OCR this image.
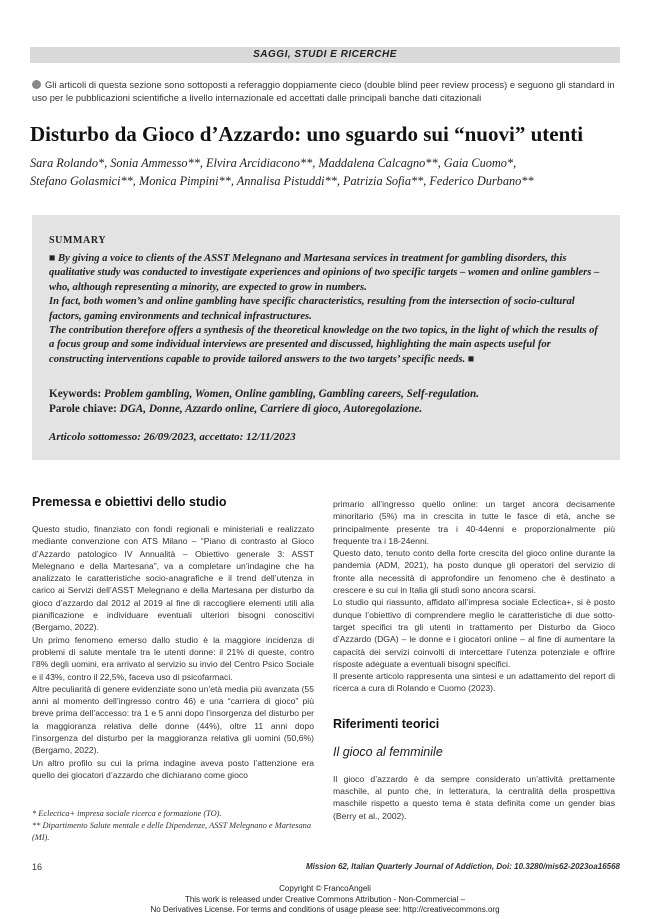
SAGGI, STUDI E RICERCHE
Gli articoli di questa sezione sono sottoposti a referaggio doppiamente cieco (double blind peer review process) e seguono gli standard in uso per le pubblicazioni scientifiche a livello internazionale ed accettati dalle principali banche dati citazionali
Disturbo da Gioco d’Azzardo: uno sguardo sui “nuovi” utenti
Sara Rolando*, Sonia Ammesso**, Elvira Arcidiacono**, Maddalena Calcagno**, Gaia Cuomo*,
Stefano Golasmici**, Monica Pimpini**, Annalisa Pistuddi**, Patrizia Sofia**, Federico Durbano**
SUMMARY
■ By giving a voice to clients of the ASST Melegnano and Martesana services in treatment for gambling disorders, this qualitative study was conducted to investigate experiences and opinions of two specific targets – women and online gamblers – who, although representing a minority, are expected to grow in numbers.
In fact, both women’s and online gambling have specific characteristics, resulting from the intersection of socio-cultural factors, gaming environments and technical infrastructures.
The contribution therefore offers a synthesis of the theoretical knowledge on the two topics, in the light of which the results of a focus group and some individual interviews are presented and discussed, highlighting the main aspects useful for constructing interventions capable to provide tailored answers to the two targets’ specific needs. ■
Keywords: Problem gambling, Women, Online gambling, Gambling careers, Self-regulation.
Parole chiave: DGA, Donne, Azzardo online, Carriere di gioco, Autoregolazione.
Articolo sottomesso: 26/09/2023, accettato: 12/11/2023

Premessa e obiettivi dello studio

Questo studio, finanziato con fondi regionali e ministeriali e realizzato mediante convenzione con ATS Milano – “Piano di contrasto al Gioco d’Azzardo patologico IV Annualità – Obiettivo generale 3: ASST Melegnano e della Martesana”, va a completare un’indagine che ha analizzato le caratteristiche socio-anagrafiche e il trend dell’utenza in carico ai Servizi dell’ASST Melegnano e della Martesana per disturbo da gioco d’azzardo dal 2012 al 2019 al fine di raccogliere elementi utili alla pianificazione e individuare eventuali ulteriori bisogni conoscitivi (Bergamo, 2022).

Un primo fenomeno emerso dallo studio è la maggiore incidenza di problemi di salute mentale tra le utenti donne: il 21% di queste, contro l’8% degli uomini, era arrivato al servizio su invio del Centro Psico Sociale e il 43%, contro il 22,5%, faceva uso di psicofarmaci.

Altre peculiarità di genere evidenziate sono un’età media più avanzata (55 anni al momento dell’ingresso contro 46) e una “carriera di gioco” più breve prima dell’accesso: tra 1 e 5 anni dopo l’insorgenza del disturbo per la maggioranza relativa delle donne (44%), oltre 11 anni dopo l’insorgenza del disturbo per la maggioranza relativa gli uomini (50,6%) (Bergamo, 2022).

Un altro profilo su cui la prima indagine aveva posto l’attenzione era quello dei giocatori d’azzardo che dichiarano come gioco

* Eclectica+ impresa sociale ricerca e formazione (TO).
** Dipartimento Salute mentale e delle Dipendenze, ASST Melegnano e Martesana (MI).

primario all’ingresso quello online: un target ancora decisamente minoritario (5%) ma in crescita in tutte le fasce di età, anche se principalmente presente tra i 40-44enni e proporzionalmente più frequente tra i 18-24enni.

Questo dato, tenuto conto della forte crescita del gioco online durante la pandemia (ADM, 2021), ha posto dunque gli operatori del servizio di fronte alla necessità di approfondire un fenomeno che è destinato a crescere e su cui in Italia gli studi sono ancora scarsi.

Lo studio qui riassunto, affidato all’impresa sociale Eclectica+, si è posto dunque l’obiettivo di comprendere meglio le caratteristiche di due sotto-target specifici tra gli utenti in trattamento per Disturbo da Gioco d’Azzardo (DGA) – le donne e i giocatori online – al fine di aumentare la capacità dei servizi coinvolti di intercettare l’utenza potenziale e offrire risposte adeguate a eventuali bisogni specifici.

Il presente articolo rappresenta una sintesi e un adattamento del report di ricerca a cura di Rolando e Cuomo (2023).

Riferimenti teorici

Il gioco al femminile

Il gioco d’azzardo è da sempre considerato un’attività prettamente maschile, al punto che, in letteratura, la centralità della prospettiva maschile rispetto a questo tema è stata definita come un gender bias (Berry et al., 2002).

16	Mission 62, Italian Quarterly Journal of Addiction, Doi: 10.3280/mis62-2023oa16568
Copyright © FrancoAngeli
This work is released under Creative Commons Attribution - Non-Commercial –
No Derivatives License. For terms and conditions of usage please see: http://creativecommons.org
